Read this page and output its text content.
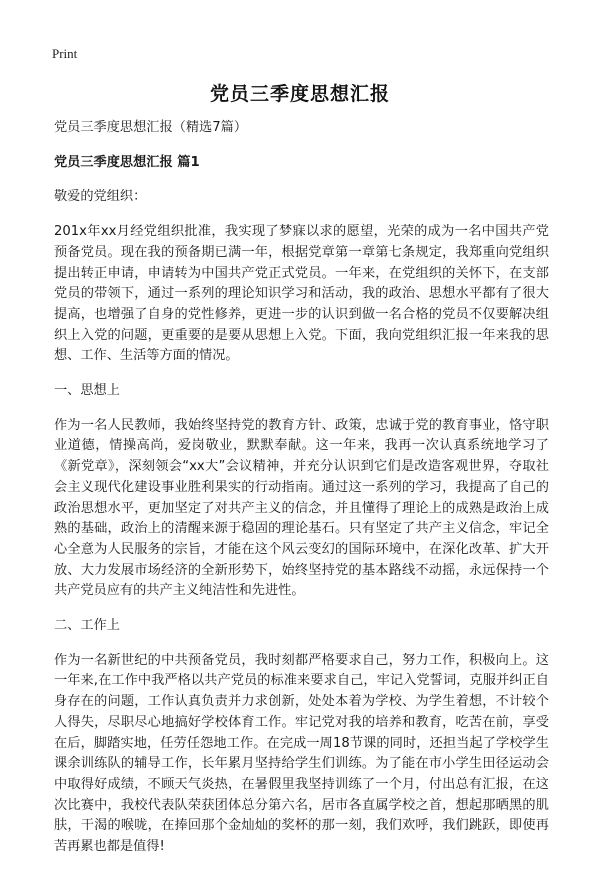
Print
党员三季度思想汇报
党员三季度思想汇报（精选7篇）
党员三季度思想汇报 篇1
敬爱的党组织：
201x年xx月经党组织批准，我实现了梦寐以求的愿望，光荣的成为一名中国共产党预备党员。现在我的预备期已满一年，根据党章第一章第七条规定，我郑重向党组织提出转正申请，申请转为中国共产党正式党员。一年来，在党组织的关怀下，在支部党员的带领下，通过一系列的理论知识学习和活动，我的政治、思想水平都有了很大提高，也增强了自身的党性修养，更进一步的认识到做一名合格的党员不仅要解决组织上入党的问题，更重要的是要从思想上入党。下面，我向党组织汇报一年来我的思想、工作、生活等方面的情况。
一、思想上
作为一名人民教师，我始终坚持党的教育方针、政策，忠诚于党的教育事业，恪守职业道德，情操高尚，爱岗敬业，默默奉献。这一年来，我再一次认真系统地学习了《新党章》，深刻领会“xx大”会议精神，并充分认识到它们是改造客观世界，夺取社会主义现代化建设事业胜利果实的行动指南。通过这一系列的学习，我提高了自己的政治思想水平，更加坚定了对共产主义的信念，并且懂得了理论上的成熟是政治上成熟的基础，政治上的清醒来源于稳固的理论基石。只有坚定了共产主义信念，牢记全心全意为人民服务的宗旨，才能在这个风云变幻的国际环境中，在深化改革、扩大开放、大力发展市场经济的全新形势下，始终坚持党的基本路线不动摇，永远保持一个共产党员应有的共产主义纯洁性和先进性。
二、工作上
作为一名新世纪的中共预备党员，我时刻都严格要求自己，努力工作，积极向上。这一年来,在工作中我严格以共产党员的标准来要求自己，牢记入党誓词，克服并纠正自身存在的问题，工作认真负责并力求创新，处处本着为学校、为学生着想，不计较个人得失，尽职尽心地搞好学校体育工作。牢记党对我的培养和教育，吃苦在前，享受在后，脚踏实地，任劳任怨地工作。在完成一周18节课的同时，还担当起了学校学生课余训练队的辅导工作，长年累月坚持给学生们训练。为了能在市小学生田径运动会中取得好成绩，不顾天气炎热，在暑假里我坚持训练了一个月，付出总有汇报，在这次比赛中，我校代表队荣获团体总分第六名，居市各直属学校之首，想起那晒黑的肌肤，干渴的喉咙，在捧回那个金灿灿的奖杯的那一刻，我们欢呼，我们跳跃，即使再苦再累也都是值得!
